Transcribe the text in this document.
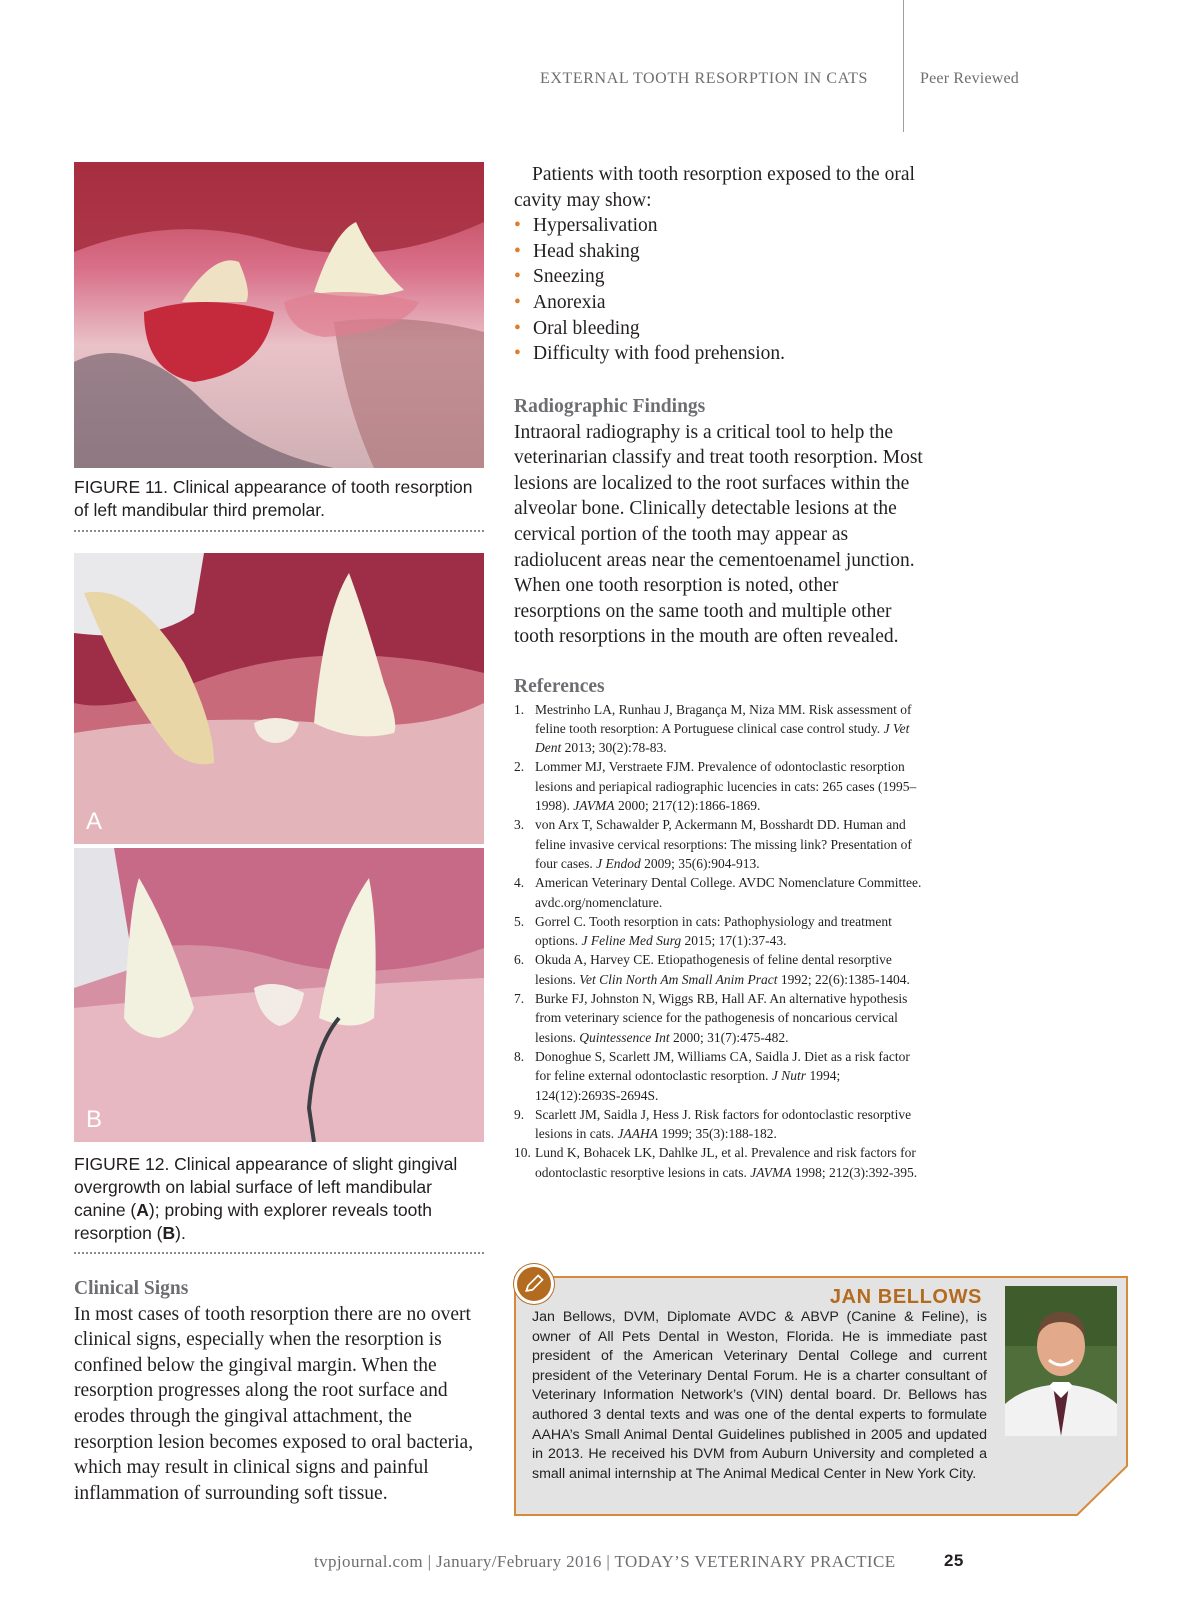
EXTERNAL TOOTH RESORPTION IN CATS	Peer Reviewed
FIGURE 11. Clinical appearance of tooth resorption of left mandibular third premolar.
A
B
FIGURE 12. Clinical appearance of slight gingival overgrowth on labial surface of left mandibular canine (A); probing with explorer reveals tooth resorption (B).
Clinical Signs

In most cases of tooth resorption there are no overt clinical signs, especially when the resorption is confined below the gingival margin. When the resorption progresses along the root surface and erodes through the gingival attachment, the resorption lesion becomes exposed to oral bacteria, which may result in clinical signs and painful inflammation of surrounding soft tissue.

Patients with tooth resorption exposed to the oral cavity may show:

• Hypersalivation
• Head shaking
• Sneezing
• Anorexia
• Oral bleeding
• Difficulty with food prehension.
Radiographic Findings

Intraoral radiography is a critical tool to help the veterinarian classify and treat tooth resorption. Most lesions are localized to the root surfaces within the alveolar bone. Clinically detectable lesions at the cervical portion of the tooth may appear as radiolucent areas near the cementoenamel junction. When one tooth resorption is noted, other resorptions on the same tooth and multiple other tooth resorptions in the mouth are often revealed.

References
1. Mestrinho LA, Runhau J, Bragança M, Niza MM. Risk assessment of feline tooth resorption: A Portuguese clinical case control study. J Vet Dent 2013; 30(2):78-83.
2. Lommer MJ, Verstraete FJM. Prevalence of odontoclastic resorption lesions and periapical radiographic lucencies in cats: 265 cases (1995–1998). JAVMA 2000; 217(12):1866-1869.
3. von Arx T, Schawalder P, Ackermann M, Bosshardt DD. Human and feline invasive cervical resorptions: The missing link? Presentation of four cases. J Endod 2009; 35(6):904-913.
4. American Veterinary Dental College. AVDC Nomenclature Committee. avdc.org/nomenclature.
5. Gorrel C. Tooth resorption in cats: Pathophysiology and treatment options. J Feline Med Surg 2015; 17(1):37-43.
6. Okuda A, Harvey CE. Etiopathogenesis of feline dental resorptive lesions. Vet Clin North Am Small Anim Pract 1992; 22(6):1385-1404.
7. Burke FJ, Johnston N, Wiggs RB, Hall AF. An alternative hypothesis from veterinary science for the pathogenesis of noncarious cervical lesions. Quintessence Int 2000; 31(7):475-482.
8. Donoghue S, Scarlett JM, Williams CA, Saidla J. Diet as a risk factor for feline external odontoclastic resorption. J Nutr 1994; 124(12):2693S-2694S.
9. Scarlett JM, Saidla J, Hess J. Risk factors for odontoclastic resorptive lesions in cats. JAAHA 1999; 35(3):188-182.
10. Lund K, Bohacek LK, Dahlke JL, et al. Prevalence and risk factors for odontoclastic resorptive lesions in cats. JAVMA 1998; 212(3):392-395.
JAN BELLOWS

Jan Bellows, DVM, Diplomate AVDC & ABVP (Canine & Feline), is owner of All Pets Dental in Weston, Florida. He is immediate past president of the American Veterinary Dental College and current president of the Veterinary Dental Forum. He is a charter consultant of Veterinary Information Network’s (VIN) dental board. Dr. Bellows has authored 3 dental texts and was one of the dental experts to formulate AAHA’s Small Animal Dental Guidelines published in 2005 and updated in 2013. He received his DVM from Auburn University and completed a small animal internship at The Animal Medical Center in New York City.

tvpjournal.com | January/February 2016 | TODAY’S VETERINARY PRACTICE	25
